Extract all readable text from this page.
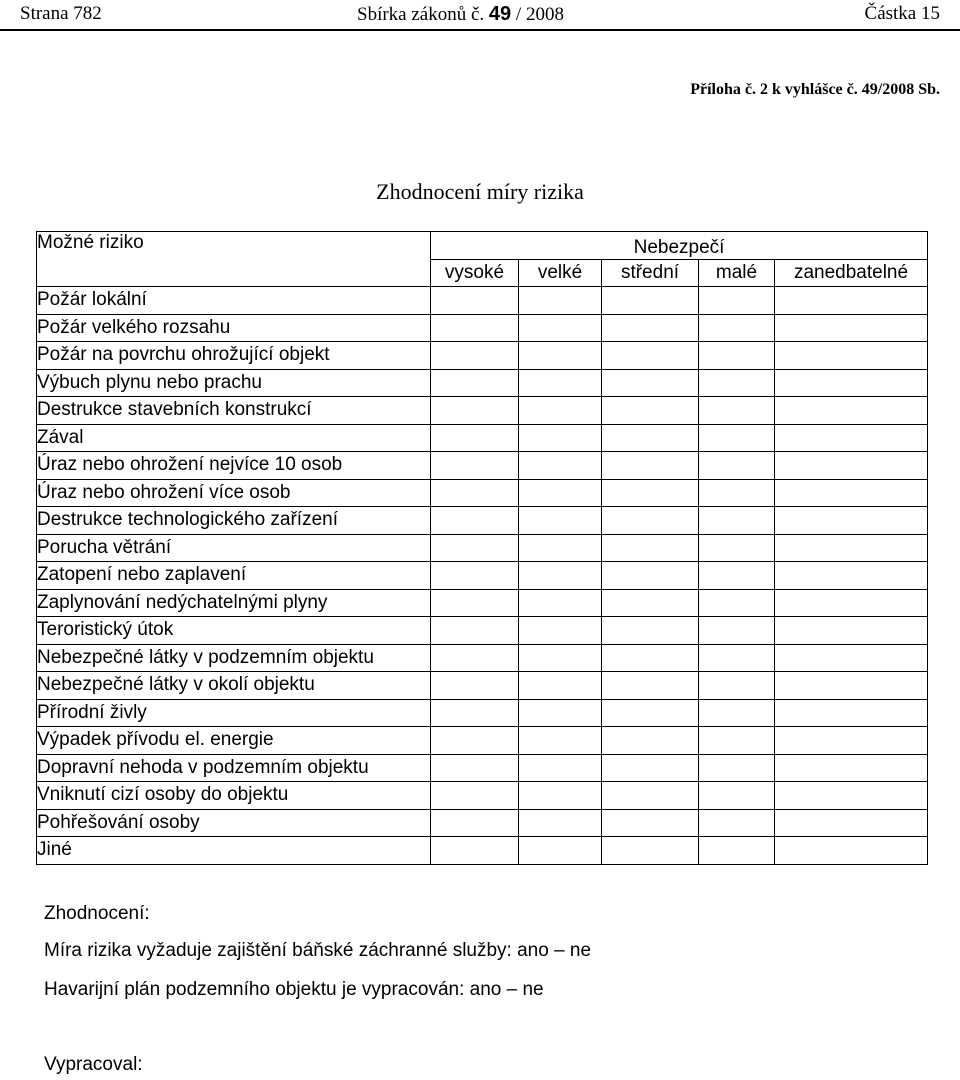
Strana 782	Sbírka zákonů č. 49 / 2008	Částka 15
Příloha č. 2 k vyhlášce č. 49/2008 Sb.
Zhodnocení míry rizika
Možné riziko	Nebezpečí				
	vysoké	velké	střední	malé	zanedbatelné
Požár lokální					
Požár velkého rozsahu					
Požár na povrchu ohrožující objekt					
Výbuch plynu nebo prachu					
Destrukce stavebních konstrukcí					
Zával					
Úraz nebo ohrožení nejvíce 10 osob					
Úraz nebo ohrožení více osob					
Destrukce technologického zařízení					
Porucha větrání					
Zatopení nebo zaplavení					
Zaplynování nedýchatelnými plyny					
Teroristický útok					
Nebezpečné látky v podzemním objektu					
Nebezpečné látky v okolí objektu					
Přírodní živly					
Výpadek přívodu el. energie					
Dopravní nehoda v podzemním objektu					
Vniknutí cizí osoby do objektu					
Pohřešování osoby					
Jiné					
Zhodnocení:
Míra rizika vyžaduje zajištění báňské záchranné služby: ano – ne
Havarijní plán podzemního objektu je vypracován: ano – ne
Vypracoval:
